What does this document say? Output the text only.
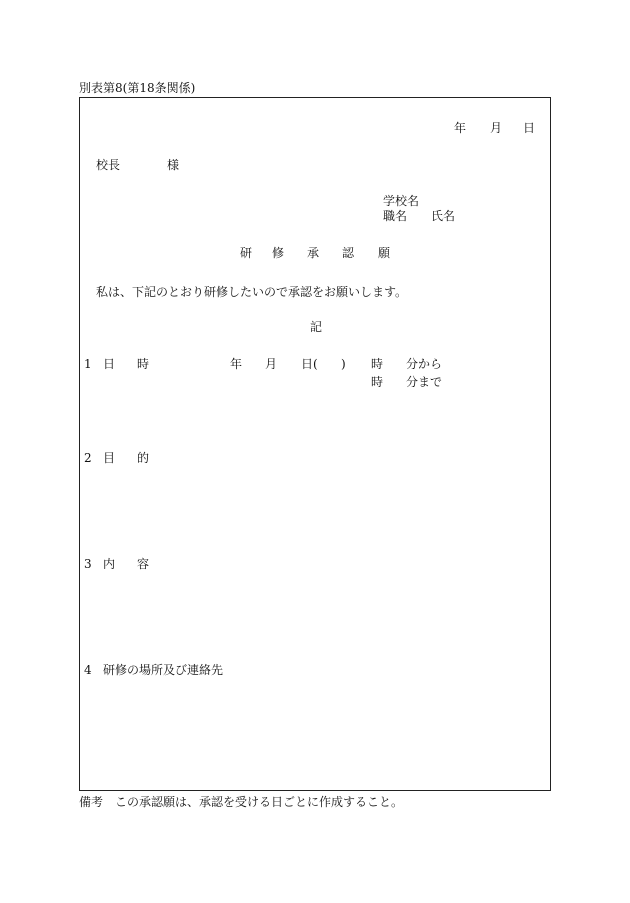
別表第8(第18条関係)
年 月 日
校長	様
学校名
職名 氏名
研 修 承 認 願
私は、下記のとおり研修したいので承認をお願いします。
記
1 日 時	年 月 日( ) 時 分から
時 分まで
2 目 的
3 内 容
4 研修の場所及び連絡先
備考　この承認願は、承認を受ける日ごとに作成すること。
